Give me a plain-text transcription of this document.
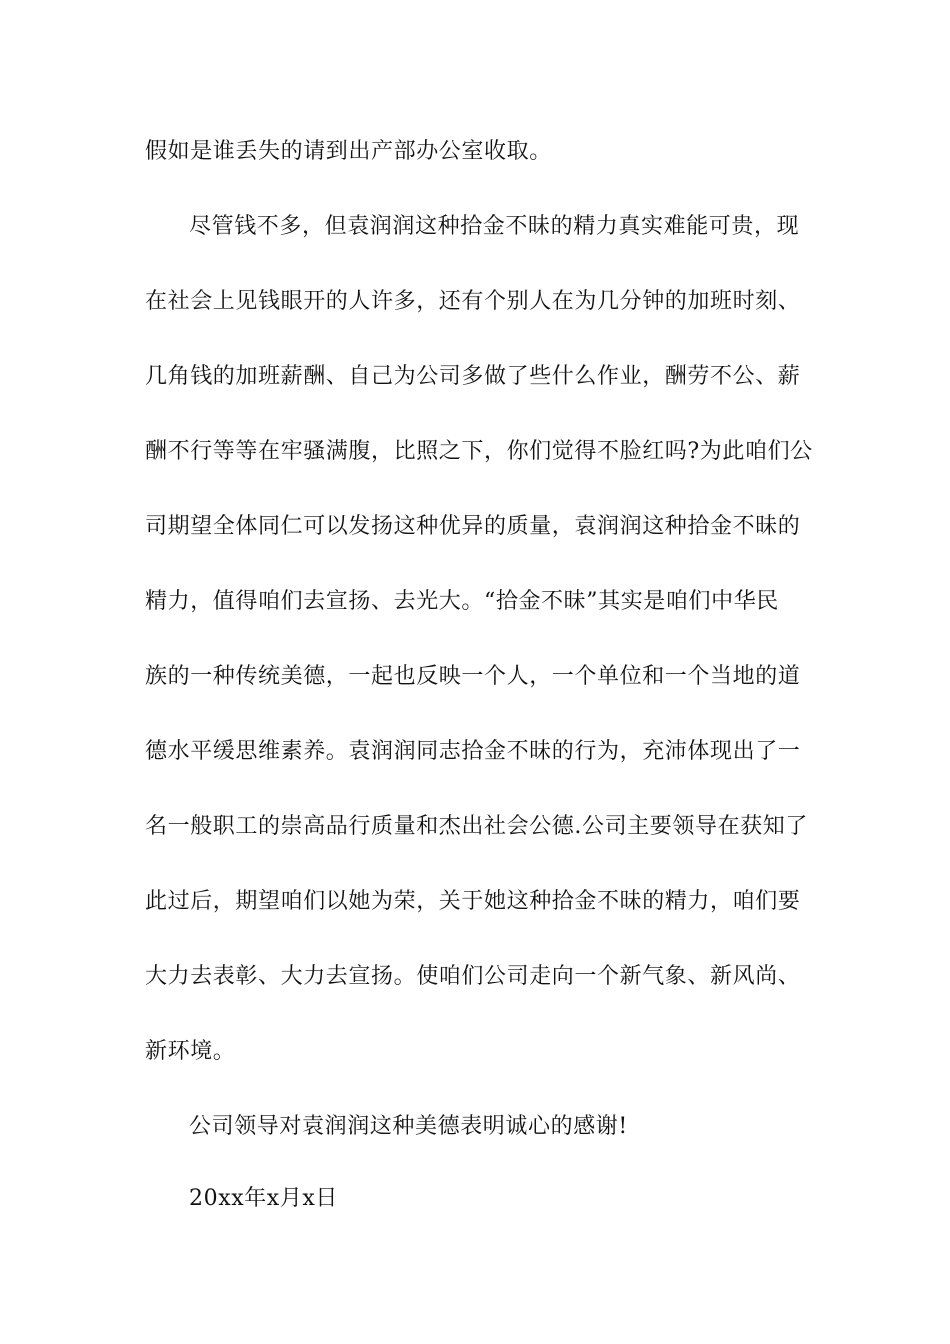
假如是谁丢失的请到出产部办公室收取。
尽管钱不多，但袁润润这种拾金不昧的精力真实难能可贵，现
在社会上见钱眼开的人许多，还有个别人在为几分钟的加班时刻、
几角钱的加班薪酬、自己为公司多做了些什么作业，酬劳不公、薪
酬不行等等在牢骚满腹，比照之下，你们觉得不脸红吗?为此咱们公
司期望全体同仁可以发扬这种优异的质量，袁润润这种拾金不昧的
精力，值得咱们去宣扬、去光大。“拾金不昧”其实是咱们中华民
族的一种传统美德，一起也反映一个人，一个单位和一个当地的道
德水平缓思维素养。袁润润同志拾金不昧的行为，充沛体现出了一
名一般职工的崇高品行质量和杰出社会公德.公司主要领导在获知了
此过后，期望咱们以她为荣，关于她这种拾金不昧的精力，咱们要
大力去表彰、大力去宣扬。使咱们公司走向一个新气象、新风尚、
新环境。
公司领导对袁润润这种美德表明诚心的感谢!
20xx年x月x日
